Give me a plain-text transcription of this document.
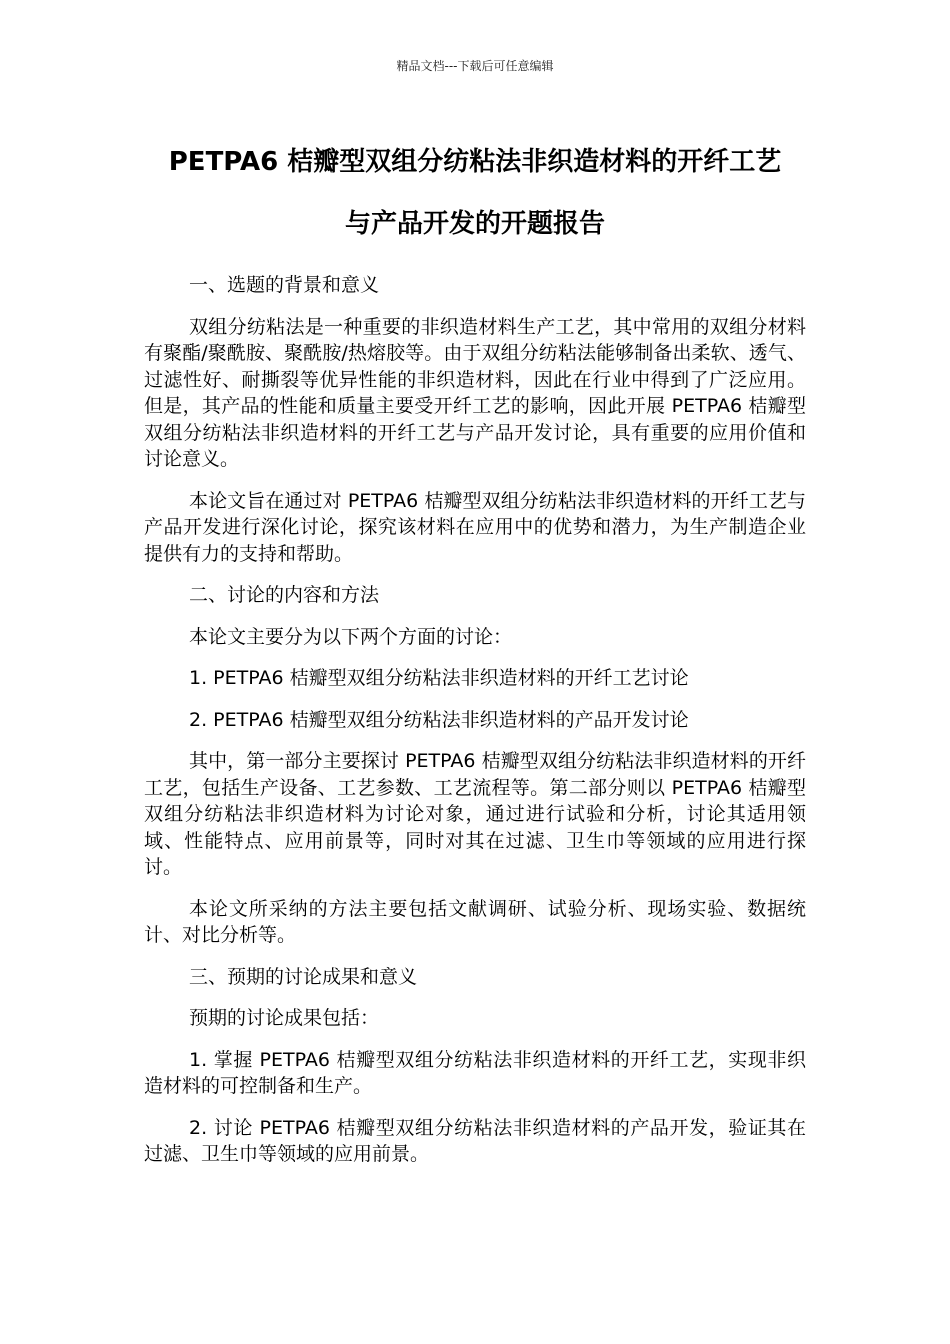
精品文档---下载后可任意编辑
PETPA6 桔瓣型双组分纺粘法非织造材料的开纤工艺
与产品开发的开题报告

一、选题的背景和意义

双组分纺粘法是一种重要的非织造材料生产工艺，其中常用的双组分材料有聚酯/聚酰胺、聚酰胺/热熔胶等。由于双组分纺粘法能够制备出柔软、透气、过滤性好、耐撕裂等优异性能的非织造材料，因此在行业中得到了广泛应用。但是，其产品的性能和质量主要受开纤工艺的影响，因此开展 PETPA6 桔瓣型双组分纺粘法非织造材料的开纤工艺与产品开发讨论，具有重要的应用价值和讨论意义。

本论文旨在通过对 PETPA6 桔瓣型双组分纺粘法非织造材料的开纤工艺与产品开发进行深化讨论，探究该材料在应用中的优势和潜力，为生产制造企业提供有力的支持和帮助。

二、讨论的内容和方法

本论文主要分为以下两个方面的讨论：

1. PETPA6 桔瓣型双组分纺粘法非织造材料的开纤工艺讨论

2. PETPA6 桔瓣型双组分纺粘法非织造材料的产品开发讨论

其中，第一部分主要探讨 PETPA6 桔瓣型双组分纺粘法非织造材料的开纤工艺，包括生产设备、工艺参数、工艺流程等。第二部分则以 PETPA6 桔瓣型双组分纺粘法非织造材料为讨论对象，通过进行试验和分析，讨论其适用领域、性能特点、应用前景等，同时对其在过滤、卫生巾等领域的应用进行探讨。

本论文所采纳的方法主要包括文献调研、试验分析、现场实验、数据统计、对比分析等。

三、预期的讨论成果和意义

预期的讨论成果包括：

1. 掌握 PETPA6 桔瓣型双组分纺粘法非织造材料的开纤工艺，实现非织造材料的可控制备和生产。

2. 讨论 PETPA6 桔瓣型双组分纺粘法非织造材料的产品开发，验证其在过滤、卫生巾等领域的应用前景。
